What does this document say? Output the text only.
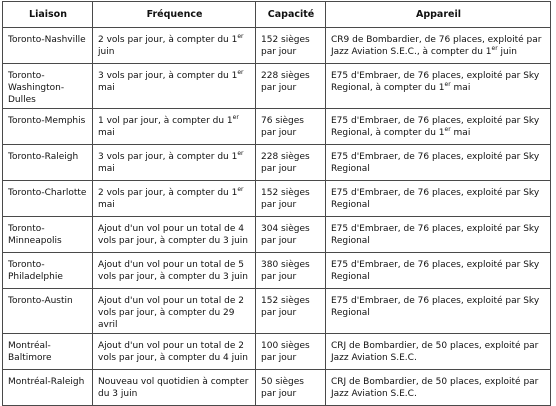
Liaison	Fréquence	Capacité	Appareil
Toronto-Nashville	2 vols par jour, à compter du 1er juin	152 sièges par jour	CR9 de Bombardier, de 76 places, exploité par Jazz Aviation S.E.C., à compter du 1er juin
Toronto-Washington-Dulles	3 vols par jour, à compter du 1er mai	228 sièges par jour	E75 d'Embraer, de 76 places, exploité par Sky Regional, à compter du 1er mai
Toronto-Memphis	1 vol par jour, à compter du 1er mai	76 sièges par jour	E75 d'Embraer, de 76 places, exploité par Sky Regional, à compter du 1er mai
Toronto-Raleigh	3 vols par jour, à compter du 1er mai	228 sièges par jour	E75 d'Embraer, de 76 places, exploité par Sky Regional
Toronto-Charlotte	2 vols par jour, à compter du 1er mai	152 sièges par jour	E75 d'Embraer, de 76 places, exploité par Sky Regional
Toronto-Minneapolis	Ajout d'un vol pour un total de 4 vols par jour, à compter du 3 juin	304 sièges par jour	E75 d'Embraer, de 76 places, exploité par Sky Regional
Toronto-Philadelphie	Ajout d'un vol pour un total de 5 vols par jour, à compter du 3 juin	380 sièges par jour	E75 d'Embraer, de 76 places, exploité par Sky Regional
Toronto-Austin	Ajout d'un vol pour un total de 2 vols par jour, à compter du 29 avril	152 sièges par jour	E75 d'Embraer, de 76 places, exploité par Sky Regional
Montréal-Baltimore	Ajout d'un vol pour un total de 2 vols par jour, à compter du 4 juin	100 sièges par jour	CRJ de Bombardier, de 50 places, exploité par Jazz Aviation S.E.C.
Montréal-Raleigh	Nouveau vol quotidien à compter du 3 juin	50 sièges par jour	CRJ de Bombardier, de 50 places, exploité par Jazz Aviation S.E.C.
